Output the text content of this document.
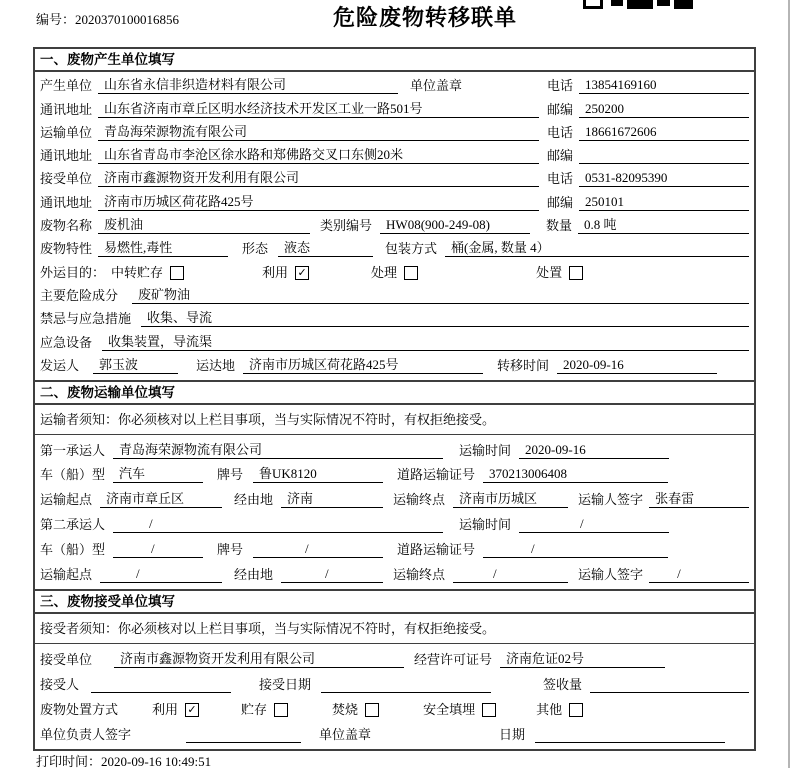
编号：2020370100016856	危险废物转移联单
一、废物产生单位填写
产生单位 山东省永信非织造材料有限公司	单位盖章	电话 13854169160
通讯地址 山东省济南市章丘区明水经济技术开发区工业一路501号	邮编 250200
运输单位 青岛海荣源物流有限公司	电话 18661672606
通讯地址 山东省青岛市李沧区徐水路和郑佛路交叉口东侧20米	邮编
接受单位 济南市鑫源物资开发利用有限公司	电话 0531-82095390
通讯地址 济南市历城区荷花路425号	邮编 250101
废物名称 废机油	类别编号	HW08(900-249-08)	数量 0.8 吨
废物特性 易燃性,毒性	形态	液态	包装方式	桶(金属, 数量 4）
外运目的： 中转贮存	利用 ✓	处理	处置
主要危险成分	废矿物油
禁忌与应急措施	收集、导流
应急设备	收集装置，导流渠
发运人	郭玉波	运达地	济南市历城区荷花路425号	转移时间	2020-09-16
二、废物运输单位填写
运输者须知：你必须核对以上栏目事项，当与实际情况不符时，有权拒绝接受。
第一承运人	青岛海荣源物流有限公司	运输时间	2020-09-16
车（船）型	汽车	牌号	鲁UK8120	道路运输证号	370213006408
运输起点	济南市章丘区	经由地	济南	运输终点	济南市历城区	运输人签字 张春雷
第二承运人	/	运输时间	/
车（船）型	/	牌号	/	道路运输证号	/
运输起点	/	经由地	/	运输终点	/	运输人签字	/
三、废物接受单位填写
接受者须知：你必须核对以上栏目事项，当与实际情况不符时，有权拒绝接受。
接受单位	济南市鑫源物资开发利用有限公司	经营许可证号	济南危证02号
接受人	接受日期	签收量
废物处置方式	利用 ✓	贮存	焚烧	安全填埋	其他
单位负责人签字	单位盖章	日期
打印时间：2020-09-16 10:49:51
